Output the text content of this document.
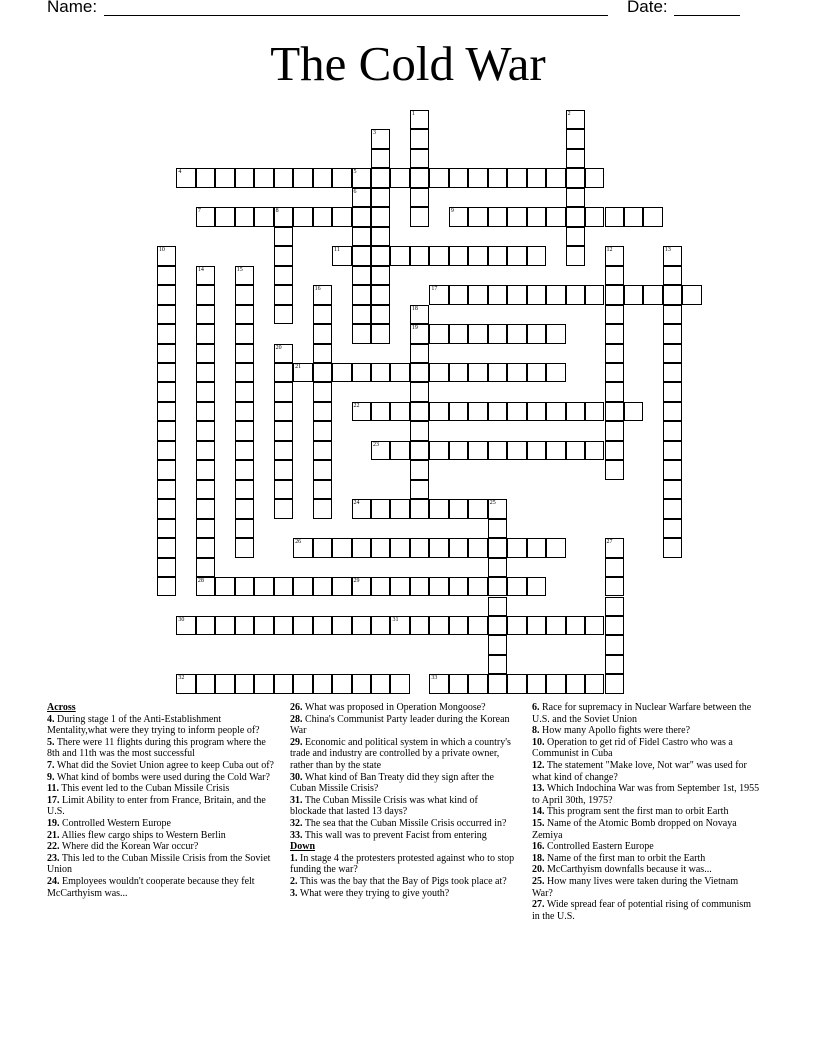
Name:	Date:
The Cold War
1	2
3
4	5
6
7	8	9
10	11	12	13
14	15
16	17
18
19
20
21
22
23
24	25
26	27
28	29
30	31
32	33
Across
4. During stage 1 of the Anti-Establishment Mentality,what were they trying to inform people of?
5. There were 11 flights during this program where the 8th and 11th was the most successful
7. What did the Soviet Union agree to keep Cuba out of?
9. What kind of bombs were used during the Cold War?
11. This event led to the Cuban Missile Crisis
17. Limit Ability to enter from France, Britain, and the U.S.
19. Controlled Western Europe
21. Allies flew cargo ships to Western Berlin
22. Where did the Korean War occur?
23. This led to the Cuban Missile Crisis from the Soviet Union
24. Employees wouldn't cooperate because they felt McCarthyism was...
26. What was proposed in Operation Mongoose?
28. China's Communist Party leader during the Korean War
29. Economic and political system in which a country's trade and industry are controlled by a private owner, rather than by the state
30. What kind of Ban Treaty did they sign after the Cuban Missile Crisis?
31. The Cuban Missile Crisis was what kind of blockade that lasted 13 days?
32. The sea that the Cuban Missile Crisis occurred in?
33. This wall was to prevent Facist from entering
Down
1. In stage 4 the protesters protested against who to stop funding the war?
2. This was the bay that the Bay of Pigs took place at?
3. What were they trying to give youth?
6. Race for supremacy in Nuclear Warfare between the U.S. and the Soviet Union
8. How many Apollo fights were there?
10. Operation to get rid of Fidel Castro who was a Communist in Cuba
12. The statement "Make love, Not war" was used for what kind of change?
13. Which Indochina War was from September 1st, 1955 to April 30th, 1975?
14. This program sent the first man to orbit Earth
15. Name of the Atomic Bomb dropped on Novaya Zemiya
16. Controlled Eastern Europe
18. Name of the first man to orbit the Earth
20. McCarthyism downfalls because it was...
25. How many lives were taken during the Vietnam War?
27. Wide spread fear of potential rising of communism in the U.S.
